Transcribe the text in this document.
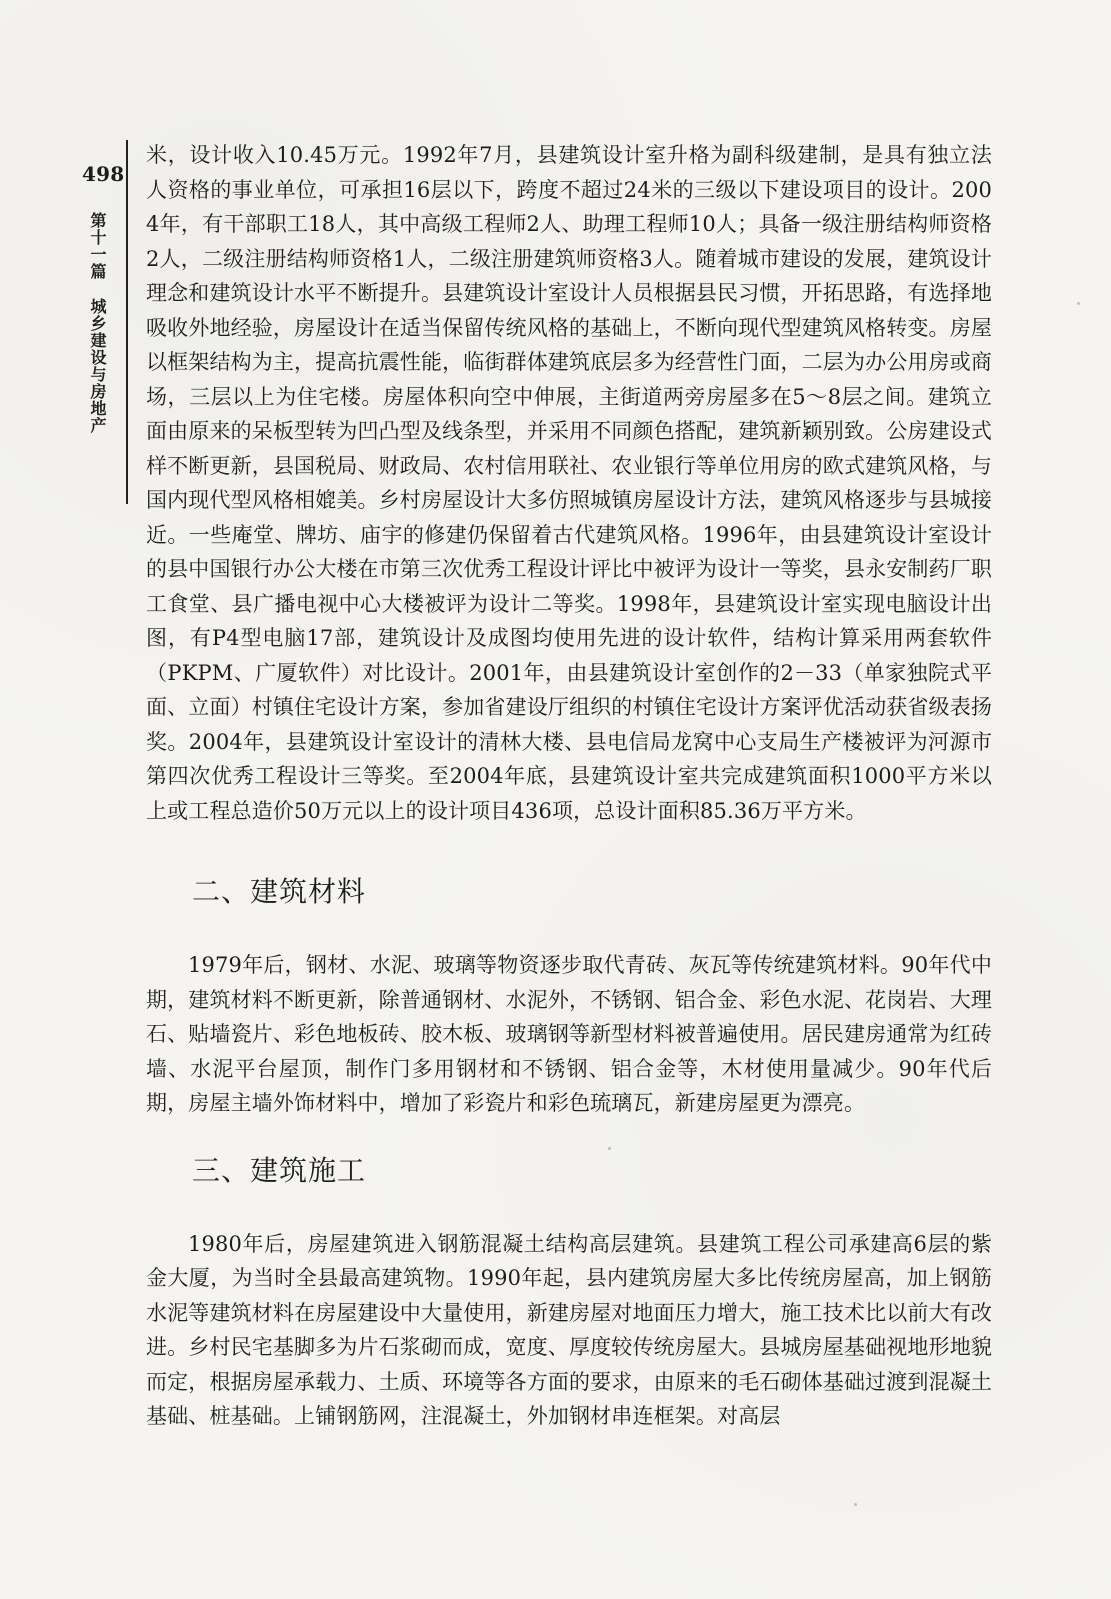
498
第十一篇城乡建设与房地产

米，设计收入10.45万元。1992年7月，县建筑设计室升格为副科级建制，是具有独立法人资格的事业单位，可承担16层以下，跨度不超过24米的三级以下建设项目的设计。2004年，有干部职工18人，其中高级工程师2人、助理工程师10人；具备一级注册结构师资格2人，二级注册结构师资格1人，二级注册建筑师资格3人。随着城市建设的发展，建筑设计理念和建筑设计水平不断提升。县建筑设计室设计人员根据县民习惯，开拓思路，有选择地吸收外地经验，房屋设计在适当保留传统风格的基础上，不断向现代型建筑风格转变。房屋以框架结构为主，提高抗震性能，临街群体建筑底层多为经营性门面，二层为办公用房或商场，三层以上为住宅楼。房屋体积向空中伸展，主街道两旁房屋多在5～8层之间。建筑立面由原来的呆板型转为凹凸型及线条型，并采用不同颜色搭配，建筑新颖别致。公房建设式样不断更新，县国税局、财政局、农村信用联社、农业银行等单位用房的欧式建筑风格，与国内现代型风格相媲美。乡村房屋设计大多仿照城镇房屋设计方法，建筑风格逐步与县城接近。一些庵堂、牌坊、庙宇的修建仍保留着古代建筑风格。1996年，由县建筑设计室设计的县中国银行办公大楼在市第三次优秀工程设计评比中被评为设计一等奖，县永安制药厂职工食堂、县广播电视中心大楼被评为设计二等奖。1998年，县建筑设计室实现电脑设计出图，有P4型电脑17部，建筑设计及成图均使用先进的设计软件，结构计算采用两套软件（PKPM、广厦软件）对比设计。2001年，由县建筑设计室创作的2－33（单家独院式平面、立面）村镇住宅设计方案，参加省建设厅组织的村镇住宅设计方案评优活动获省级表扬奖。2004年，县建筑设计室设计的清林大楼、县电信局龙窝中心支局生产楼被评为河源市第四次优秀工程设计三等奖。至2004年底，县建筑设计室共完成建筑面积1000平方米以上或工程总造价50万元以上的设计项目436项，总设计面积85.36万平方米。

二、建筑材料

1979年后，钢材、水泥、玻璃等物资逐步取代青砖、灰瓦等传统建筑材料。90年代中期，建筑材料不断更新，除普通钢材、水泥外，不锈钢、铝合金、彩色水泥、花岗岩、大理石、贴墙瓷片、彩色地板砖、胶木板、玻璃钢等新型材料被普遍使用。居民建房通常为红砖墙、水泥平台屋顶，制作门多用钢材和不锈钢、铝合金等，木材使用量减少。90年代后期，房屋主墙外饰材料中，增加了彩瓷片和彩色琉璃瓦，新建房屋更为漂亮。

三、建筑施工

1980年后，房屋建筑进入钢筋混凝土结构高层建筑。县建筑工程公司承建高6层的紫金大厦，为当时全县最高建筑物。1990年起，县内建筑房屋大多比传统房屋高，加上钢筋水泥等建筑材料在房屋建设中大量使用，新建房屋对地面压力增大，施工技术比以前大有改进。乡村民宅基脚多为片石浆砌而成，宽度、厚度较传统房屋大。县城房屋基础视地形地貌而定，根据房屋承载力、土质、环境等各方面的要求，由原来的毛石砌体基础过渡到混凝土基础、桩基础。上铺钢筋网，注混凝土，外加钢材串连框架。对高层
